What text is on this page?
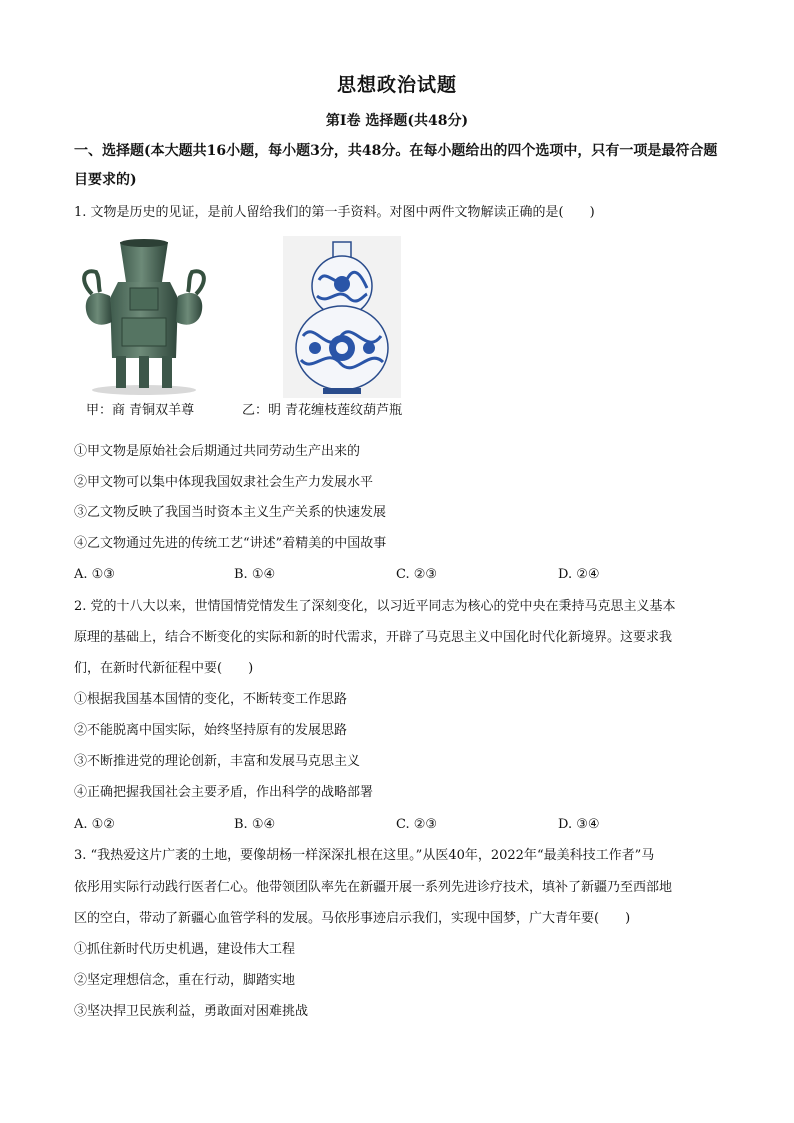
思想政治试题
第Ⅰ卷 选择题(共48分)
一、选择题(本大题共16小题，每小题3分，共48分。在每小题给出的四个选项中，只有一项是最符合题目要求的)
1. 文物是历史的见证，是前人留给我们的第一手资料。对图中两件文物解读正确的是(　　)
甲：商 青铜双羊尊	乙：明 青花缠枝莲纹葫芦瓶
①甲文物是原始社会后期通过共同劳动生产出来的
②甲文物可以集中体现我国奴隶社会生产力发展水平
③乙文物反映了我国当时资本主义生产关系的快速发展
④乙文物通过先进的传统工艺“讲述”着精美的中国故事
A. ①③	B. ①④	C. ②③	D. ②④
2. 党的十八大以来，世情国情党情发生了深刻变化，以习近平同志为核心的党中央在秉持马克思主义基本
原理的基础上，结合不断变化的实际和新的时代需求，开辟了马克思主义中国化时代化新境界。这要求我
们，在新时代新征程中要(　　)
①根据我国基本国情的变化，不断转变工作思路
②不能脱离中国实际，始终坚持原有的发展思路
③不断推进党的理论创新，丰富和发展马克思主义
④正确把握我国社会主要矛盾，作出科学的战略部署
A. ①②	B. ①④	C. ②③	D. ③④
3. “我热爱这片广袤的土地，要像胡杨一样深深扎根在这里。”从医40年，2022年“最美科技工作者”马
依彤用实际行动践行医者仁心。他带领团队率先在新疆开展一系列先进诊疗技术，填补了新疆乃至西部地
区的空白，带动了新疆心血管学科的发展。马依彤事迹启示我们，实现中国梦，广大青年要(　　)
①抓住新时代历史机遇，建设伟大工程
②坚定理想信念，重在行动，脚踏实地
③坚决捍卫民族利益，勇敢面对困难挑战
